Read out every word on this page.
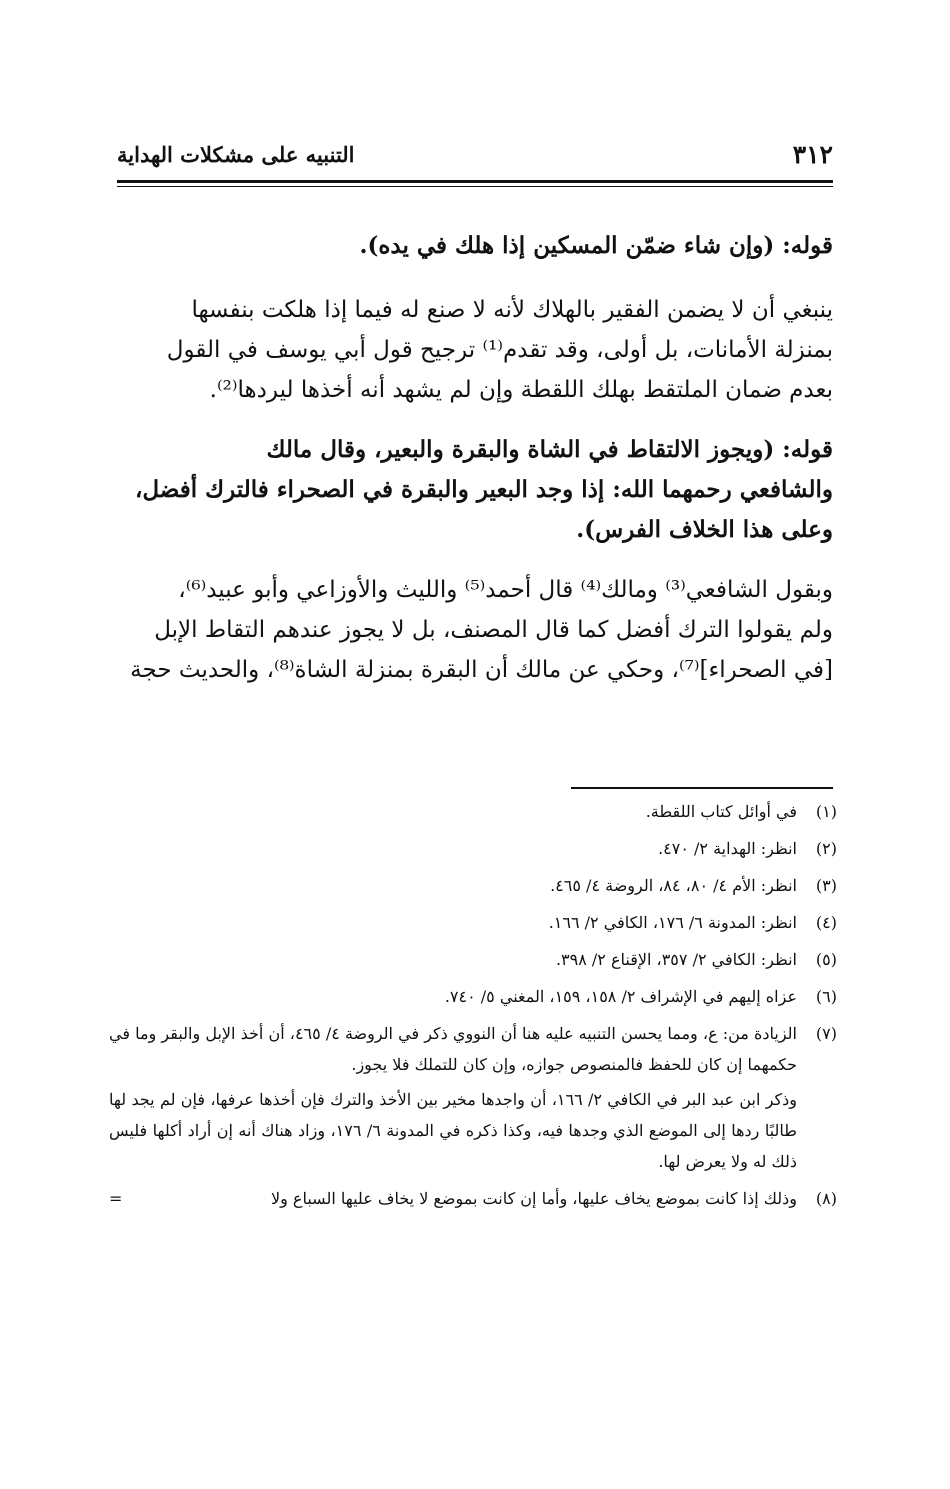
٣١٢
التنبيه على مشكلات الهداية

قوله: (وإن شاء ضمّن المسكين إذا هلك في يده).

ينبغي أن لا يضمن الفقير بالهلاك لأنه لا صنع له فيما إذا هلكت بنفسها

بمنزلة الأمانات، بل أولى، وقد تقدم⁽¹⁾ ترجيح قول أبي يوسف في القول

بعدم ضمان الملتقط بهلك اللقطة وإن لم يشهد أنه أخذها ليردها⁽²⁾.

قوله: (ويجوز الالتقاط في الشاة والبقرة والبعير، وقال مالك

والشافعي رحمهما الله: إذا وجد البعير والبقرة في الصحراء فالترك أفضل،

وعلى هذا الخلاف الفرس).

وبقول الشافعي⁽³⁾ ومالك⁽⁴⁾ قال أحمد⁽⁵⁾ والليث والأوزاعي وأبو عبيد⁽⁶⁾،

ولم يقولوا الترك أفضل كما قال المصنف، بل لا يجوز عندهم التقاط الإبل

[في الصحراء]⁽⁷⁾، وحكي عن مالك أن البقرة بمنزلة الشاة⁽⁸⁾، والحديث حجة

(١)
في أوائل كتاب اللقطة.
(٢)
انظر: الهداية ٢/ ٤٧٠.
(٣)
انظر: الأم ٤/ ٨٠، ٨٤، الروضة ٤/ ٤٦٥.
(٤)
انظر: المدونة ٦/ ١٧٦، الكافي ٢/ ١٦٦.
(٥)
انظر: الكافي ٢/ ٣٥٧، الإقناع ٢/ ٣٩٨.
(٦)
عزاه إليهم في الإشراف ٢/ ١٥٨، ١٥٩، المغني ٥/ ٧٤٠.
(٧)
الزيادة من: ع، ومما يحسن التنبيه عليه هنا أن النووي ذكر في الروضة ٤/ ٤٦٥، أن أخذ الإبل والبقر وما في حكمهما إن كان للحفظ فالمنصوص جوازه، وإن كان للتملك فلا يجوز.

وذكر ابن عبد البر في الكافي ٢/ ١٦٦، أن واجدها مخير بين الأخذ والترك فإن أخذها عرفها، فإن لم يجد لها طالبًا ردها إلى الموضع الذي وجدها فيه، وكذا ذكره في المدونة ٦/ ١٧٦، وزاد هناك أنه إن أراد أكلها فليس ذلك له ولا يعرض لها.

(٨)
وذلك إذا كانت بموضع يخاف عليها، وأما إن كانت بموضع لا يخاف عليها السباع ولا
=
